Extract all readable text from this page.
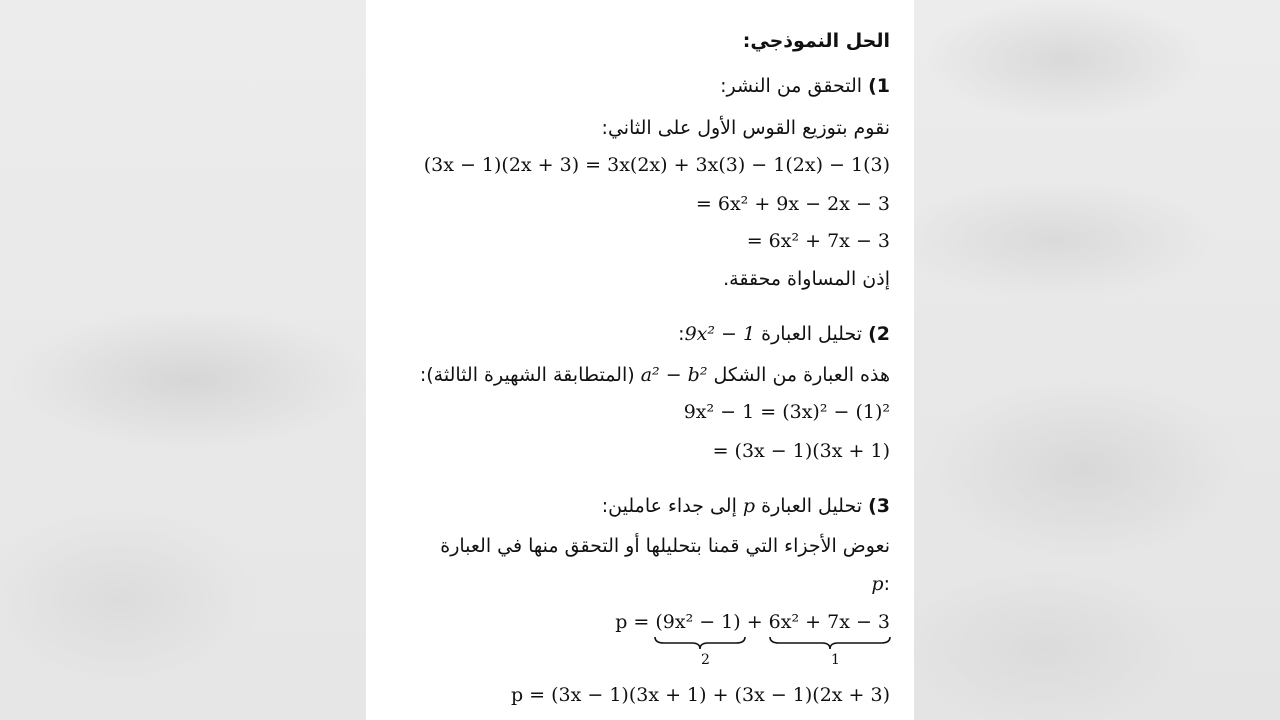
الحل النموذجي:
1) التحقق من النشر:
نقوم بتوزيع القوس الأول على الثاني:
(3x − 1)(2x + 3) = 3x(2x) + 3x(3) − 1(2x) − 1(3)
= 6x² + 9x − 2x − 3
= 6x² + 7x − 3
إذن المساواة محققة.
2) تحليل العبارة 9x² − 1:
هذه العبارة من الشكل a² − b² (المتطابقة الشهيرة الثالثة):
9x² − 1 = (3x)² − (1)²
= (3x − 1)(3x + 1)
3) تحليل العبارة p إلى جداء عاملين:
نعوض الأجزاء التي قمنا بتحليلها أو التحقق منها في العبارة
:p
p = (9x² − 1) + 6x² + 7x − 3
2	1
p = (3x − 1)(3x + 1) + (3x − 1)(2x + 3)
